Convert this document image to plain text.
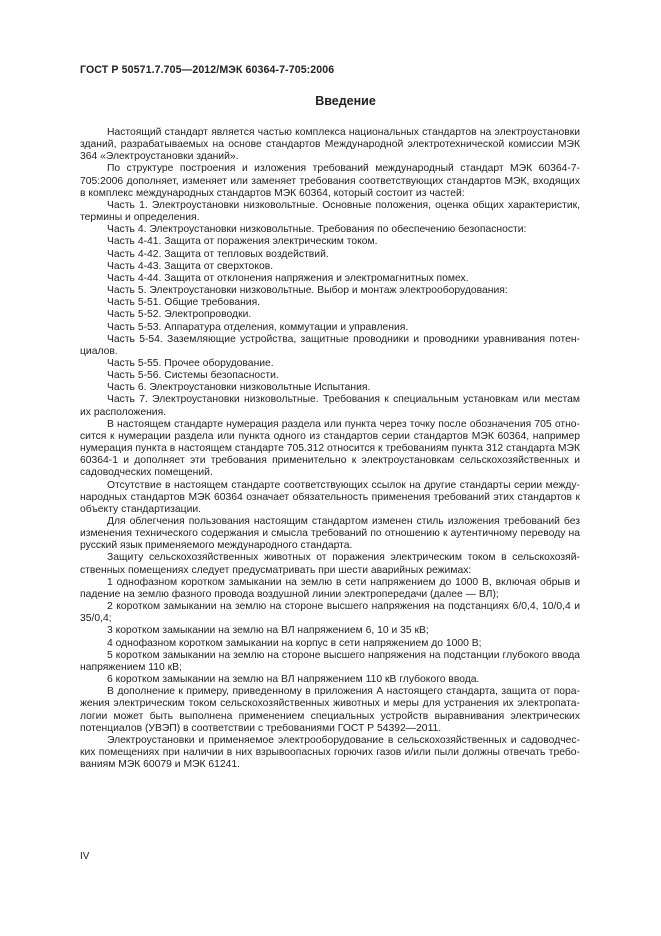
ГОСТ Р 50571.7.705—2012/МЭК 60364-7-705:2006
Введение

Настоящий стандарт является частью комплекса национальных стандартов на электроустановки зданий, разрабатываемых на основе стандартов Международной электротехнической комиссии МЭК 364 «Электроустановки зданий».

По структуре построения и изложения требований международный стандарт МЭК 60364-7-705:2006 дополняет, изменяет или заменяет требования соответствующих стандартов МЭК, входящих в комплекс международных стандартов МЭК 60364, который состоит из частей:

Часть 1. Электроустановки низковольтные. Основные положения, оценка общих характеристик, термины и определения.

Часть 4. Электроустановки низковольтные. Требования по обеспечению безопасности:

Часть 4-41. Защита от поражения электрическим током.

Часть 4-42. Защита от тепловых воздействий.

Часть 4-43. Защита от сверхтоков.

Часть 4-44. Защита от отклонения напряжения и электромагнитных помех.

Часть 5. Электроустановки низковольтные. Выбор и монтаж электрооборудования:

Часть 5-51. Общие требования.

Часть 5-52. Электропроводки.

Часть 5-53. Аппаратура отделения, коммутации и управления.

Часть 5-54. Заземляющие устройства, защитные проводники и проводники уравнивания потен-циалов.

Часть 5-55. Прочее оборудование.

Часть 5-56. Системы безопасности.

Часть 6. Электроустановки низковольтные Испытания.

Часть 7. Электроустановки низковольтные. Требования к специальным установкам или местам их расположения.

В настоящем стандарте нумерация раздела или пункта через точку после обозначения 705 отно-сится к нумерации раздела или пункта одного из стандартов серии стандартов МЭК 60364, например нумерация пункта в настоящем стандарте 705.312 относится к требованиям пункта 312 стандарта МЭК 60364-1 и дополняет эти требования применительно к электроустановкам сельскохозяйственных и садоводческих помещений.

Отсутствие в настоящем стандарте соответствующих ссылок на другие стандарты серии между-народных стандартов МЭК 60364 означает обязательность применения требований этих стандартов к объекту стандартизации.

Для облегчения пользования настоящим стандартом изменен стиль изложения требований без изменения технического содержания и смысла требований по отношению к аутентичному переводу на русский язык применяемого международного стандарта.

Защиту сельскохозяйственных животных от поражения электрическим током в сельскохозяй-ственных помещениях следует предусматривать при шести аварийных режимах:

1 однофазном коротком замыкании на землю в сети напряжением до 1000 В, включая обрыв и падение на землю фазного провода воздушной линии электропередачи (далее — ВЛ);

2 коротком замыкании на землю на стороне высшего напряжения на подстанциях 6/0,4, 10/0,4 и 35/0,4;

3 коротком замыкании на землю на ВЛ напряжением 6, 10 и 35 кВ;

4 однофазном коротком замыкании на корпус в сети напряжением до 1000 В;

5 коротком замыкании на землю на стороне высшего напряжения на подстанции глубокого ввода напряжением 110 кВ;

6 коротком замыкании на землю на ВЛ напряжением 110 кВ глубокого ввода.

В дополнение к примеру, приведенному в приложения А настоящего стандарта, защита от пора-жения электрическим током сельскохозяйственных животных и меры для устранения их электропата-логии может быть выполнена применением специальных устройств выравнивания электрических потенциалов (УВЭП) в соответствии с требованиями ГОСТ Р 54392—2011.

Электроустановки и применяемое электрооборудование в сельскохозяйственных и садоводчес-ких помещениях при наличии в них взрывоопасных горючих газов и/или пыли должны отвечать требо-ваниям МЭК 60079 и МЭК 61241.

IV
